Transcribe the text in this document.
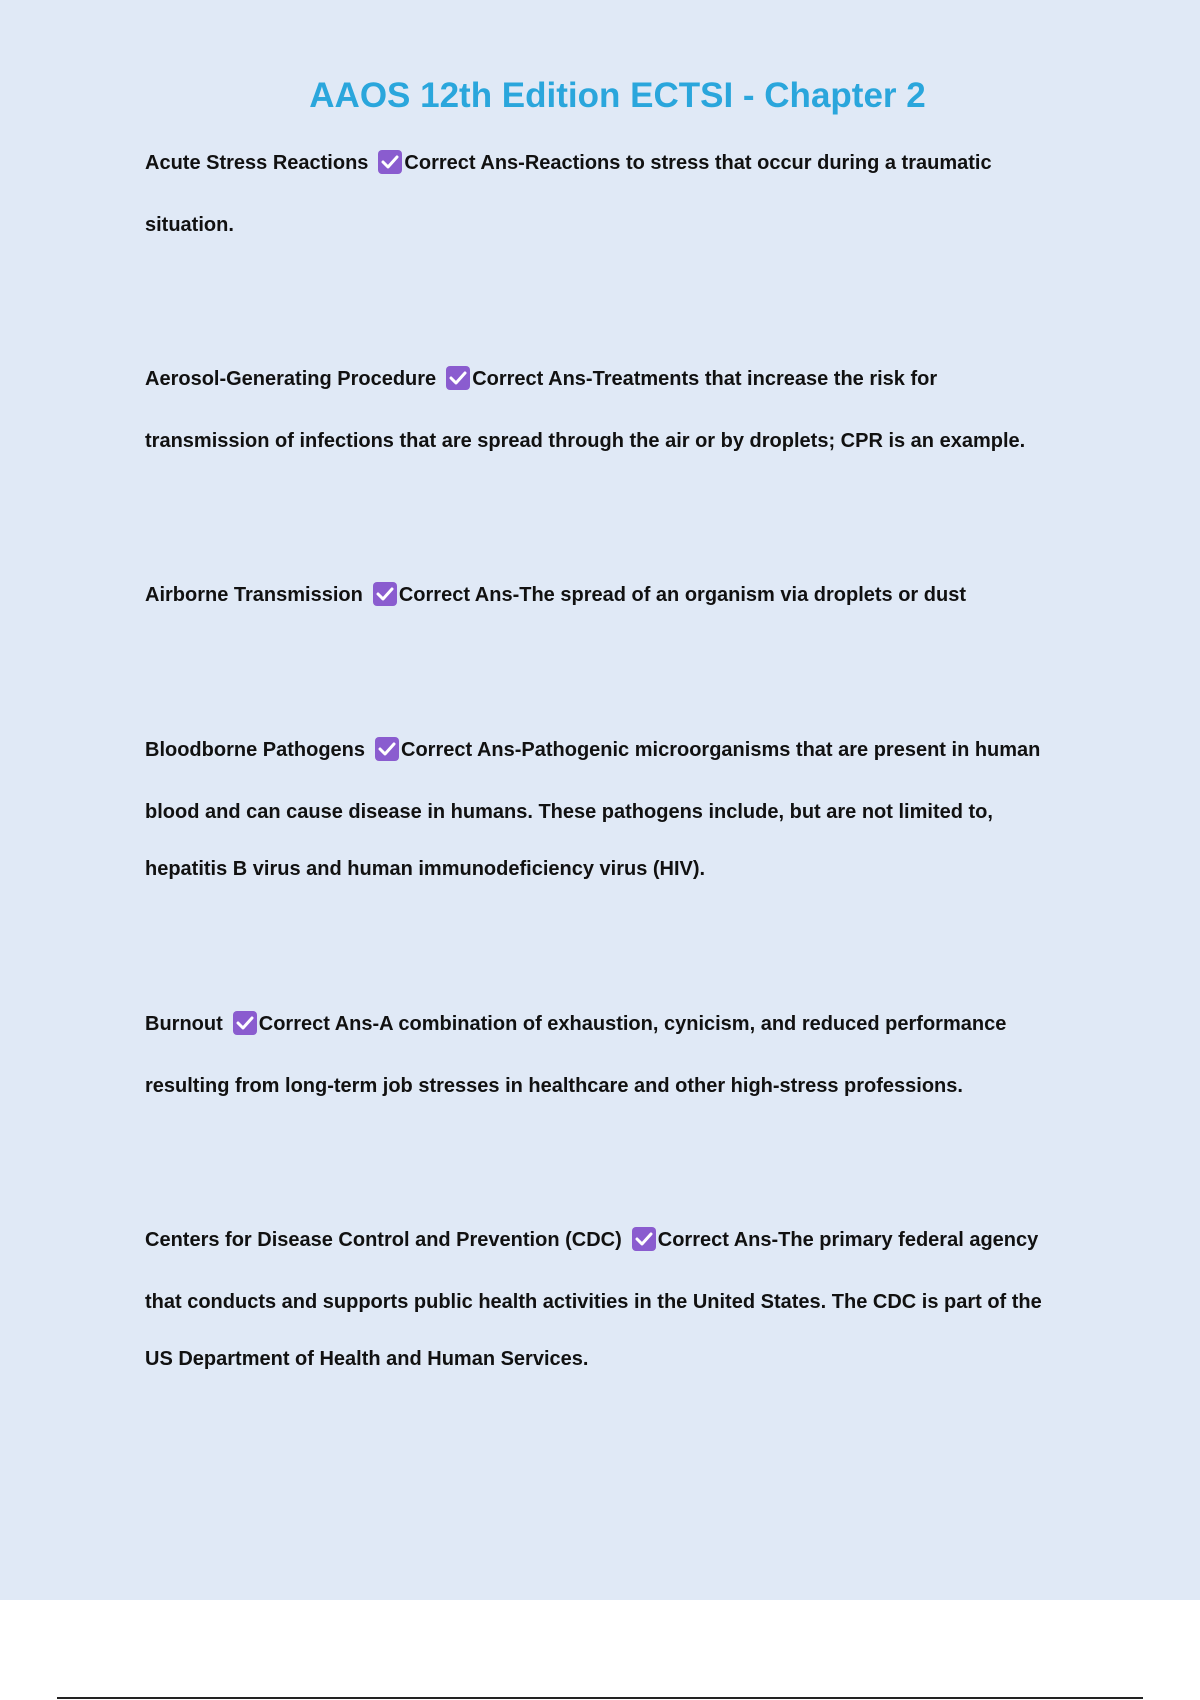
AAOS 12th Edition ECTSI - Chapter 2
Acute Stress Reactions Correct Ans-Reactions to stress that occur during a traumatic
situation.
Aerosol-Generating Procedure Correct Ans-Treatments that increase the risk for
transmission of infections that are spread through the air or by droplets; CPR is an example.
Airborne Transmission Correct Ans-The spread of an organism via droplets or dust
Bloodborne Pathogens Correct Ans-Pathogenic microorganisms that are present in human
blood and can cause disease in humans. These pathogens include, but are not limited to,
hepatitis B virus and human immunodeficiency virus (HIV).
Burnout Correct Ans-A combination of exhaustion, cynicism, and reduced performance
resulting from long-term job stresses in healthcare and other high-stress professions.
Centers for Disease Control and Prevention (CDC) Correct Ans-The primary federal agency
that conducts and supports public health activities in the United States. The CDC is part of the
US Department of Health and Human Services.
